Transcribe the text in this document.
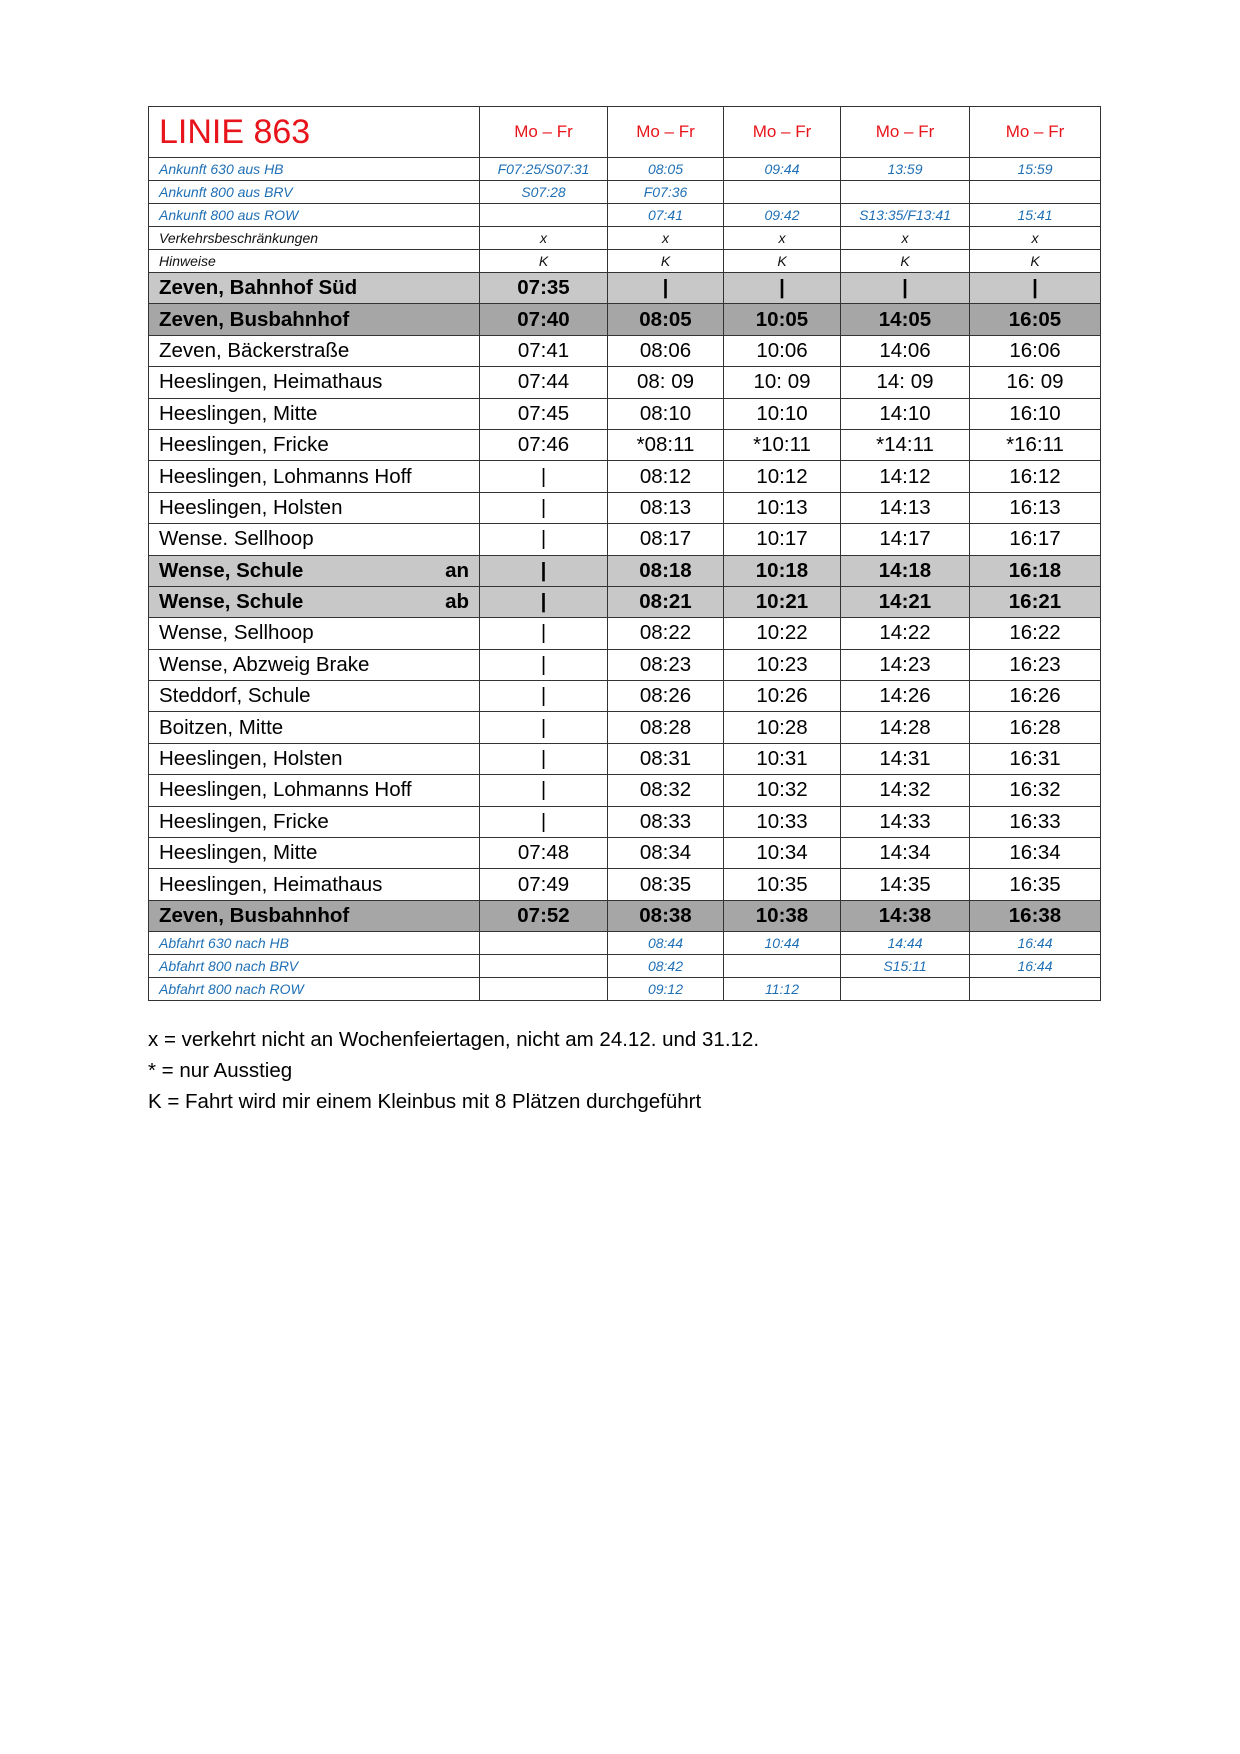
LINIE 863	Mo – Fr	Mo – Fr	Mo – Fr	Mo – Fr	Mo – Fr
Ankunft 630 aus HB	F07:25/S07:31	08:05	09:44	13:59	15:59
Ankunft 800 aus BRV	S07:28	F07:36			
Ankunft 800 aus ROW		07:41	09:42	S13:35/F13:41	15:41
Verkehrsbeschränkungen	x	x	x	x	x
Hinweise	K	K	K	K	K

Zeven, Bahnhof Süd	07:35	|	|	|	|

Zeven, Busbahnhof	07:40	08:05	10:05	14:05	16:05

Zeven, Bäckerstraße	07:41	08:06	10:06	14:06	16:06

Heeslingen, Heimathaus	07:44	08: 09	10: 09	14: 09	16: 09

Heeslingen, Mitte	07:45	08:10	10:10	14:10	16:10

Heeslingen, Fricke	07:46	*08:11	*10:11	*14:11	*16:11

Heeslingen, Lohmanns Hoff	|	08:12	10:12	14:12	16:12

Heeslingen, Holsten	|	08:13	10:13	14:13	16:13

Wense. Sellhoop	|	08:17	10:17	14:17	16:17

Wense, Schule an	|	08:18	10:18	14:18	16:18

Wense, Schule ab	|	08:21	10:21	14:21	16:21

Wense, Sellhoop	|	08:22	10:22	14:22	16:22

Wense, Abzweig Brake	|	08:23	10:23	14:23	16:23

Steddorf, Schule	|	08:26	10:26	14:26	16:26

Boitzen, Mitte	|	08:28	10:28	14:28	16:28

Heeslingen, Holsten	|	08:31	10:31	14:31	16:31

Heeslingen, Lohmanns Hoff	|	08:32	10:32	14:32	16:32

Heeslingen, Fricke	|	08:33	10:33	14:33	16:33

Heeslingen, Mitte	07:48	08:34	10:34	14:34	16:34

Heeslingen, Heimathaus	07:49	08:35	10:35	14:35	16:35

Zeven, Busbahnhof	07:52	08:38	10:38	14:38	16:38
Abfahrt 630 nach HB		08:44	10:44	14:44	16:44
Abfahrt 800 nach BRV		08:42		S15:11	16:44
Abfahrt 800 nach ROW		09:12	11:12		
x = verkehrt nicht an Wochenfeiertagen, nicht am 24.12. und 31.12.
* = nur Ausstieg
K = Fahrt wird mir einem Kleinbus mit 8 Plätzen durchgeführt
